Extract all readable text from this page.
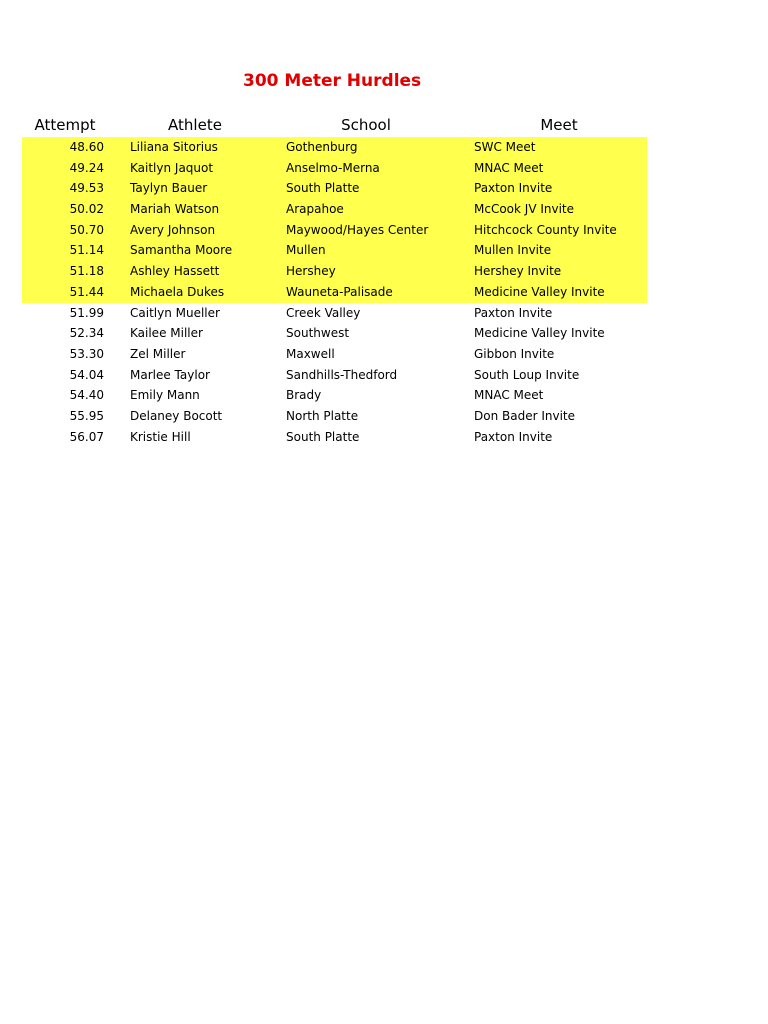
300 Meter Hurdles
Attempt	Athlete	School	Meet
48.60 Liliana Sitorius	Gothenburg	SWC Meet
49.24 Kaitlyn Jaquot	Anselmo-Merna	MNAC Meet
49.53 Taylyn Bauer	South Platte	Paxton Invite
50.02 Mariah Watson	Arapahoe	McCook JV Invite
50.70 Avery Johnson	Maywood/Hayes Center	Hitchcock County Invite
51.14 Samantha Moore	Mullen	Mullen Invite
51.18 Ashley Hassett	Hershey	Hershey Invite
51.44 Michaela Dukes	Wauneta-Palisade	Medicine Valley Invite
51.99 Caitlyn Mueller	Creek Valley	Paxton Invite
52.34 Kailee Miller	Southwest	Medicine Valley Invite
53.30 Zel Miller	Maxwell	Gibbon Invite
54.04 Marlee Taylor	Sandhills-Thedford	South Loup Invite
54.40 Emily Mann	Brady	MNAC Meet
55.95 Delaney Bocott	North Platte	Don Bader Invite
56.07 Kristie Hill	South Platte	Paxton Invite
